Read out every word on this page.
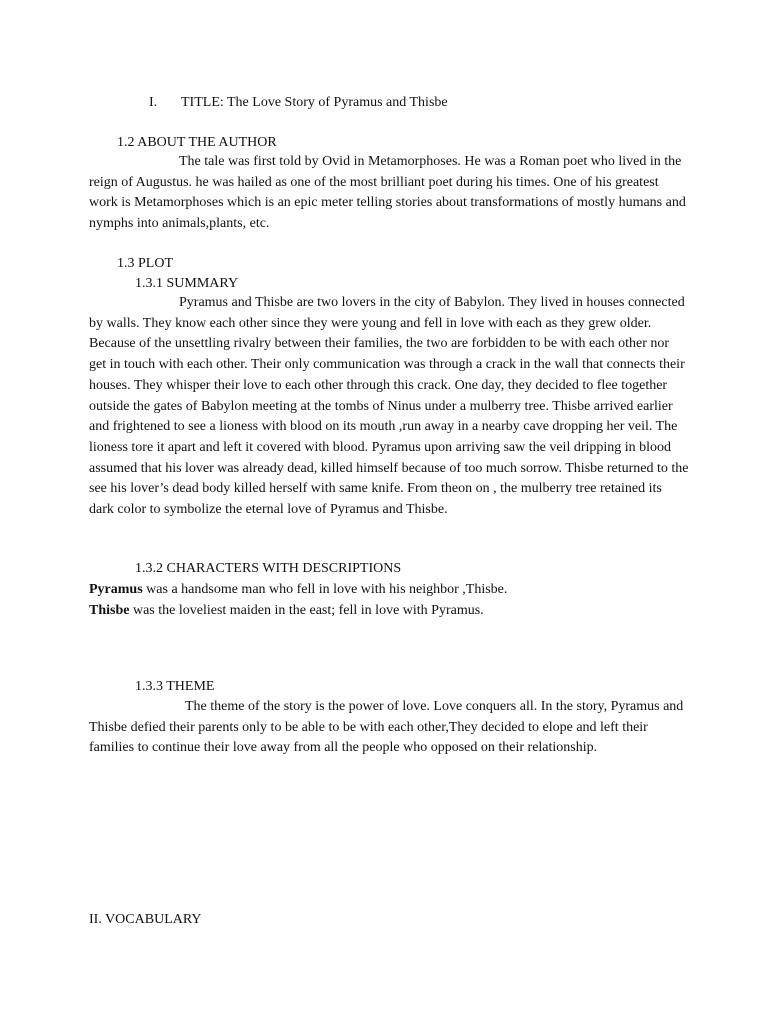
I. TITLE: The Love Story of Pyramus and Thisbe
1.2 ABOUT THE AUTHOR

The tale was first told by Ovid in Metamorphoses. He was a Roman poet who lived in the reign of Augustus. he was hailed as one of the most brilliant poet during his times. One of his greatest work is Metamorphoses which is an epic meter telling stories about transformations of mostly humans and nymphs into animals,plants, etc.

1.3 PLOT
1.3.1 SUMMARY

Pyramus and Thisbe are two lovers in the city of Babylon. They lived in houses connected by walls. They know each other since they were young and fell in love with each as they grew older. Because of the unsettling rivalry between their families, the two are forbidden to be with each other nor get in touch with each other. Their only communication was through a crack in the wall that connects their houses. They whisper their love to each other through this crack. One day, they decided to flee together outside the gates of Babylon meeting at the tombs of Ninus under a mulberry tree. Thisbe arrived earlier and frightened to see a lioness with blood on its mouth ,run away in a nearby cave dropping her veil. The lioness tore it apart and left it covered with blood. Pyramus upon arriving saw the veil dripping in blood assumed that his lover was already dead, killed himself because of too much sorrow. Thisbe returned to the see his lover’s dead body killed herself with same knife. From theon on , the mulberry tree retained its dark color to symbolize the eternal love of Pyramus and Thisbe.

1.3.2 CHARACTERS WITH DESCRIPTIONS
Pyramus was a handsome man who fell in love with his neighbor ,Thisbe.
Thisbe was the loveliest maiden in the east; fell in love with Pyramus.
1.3.3 THEME

The theme of the story is the power of love. Love conquers all. In the story, Pyramus and Thisbe defied their parents only to be able to be with each other,They decided to elope and left their families to continue their love away from all the people who opposed on their relationship.

II. VOCABULARY
